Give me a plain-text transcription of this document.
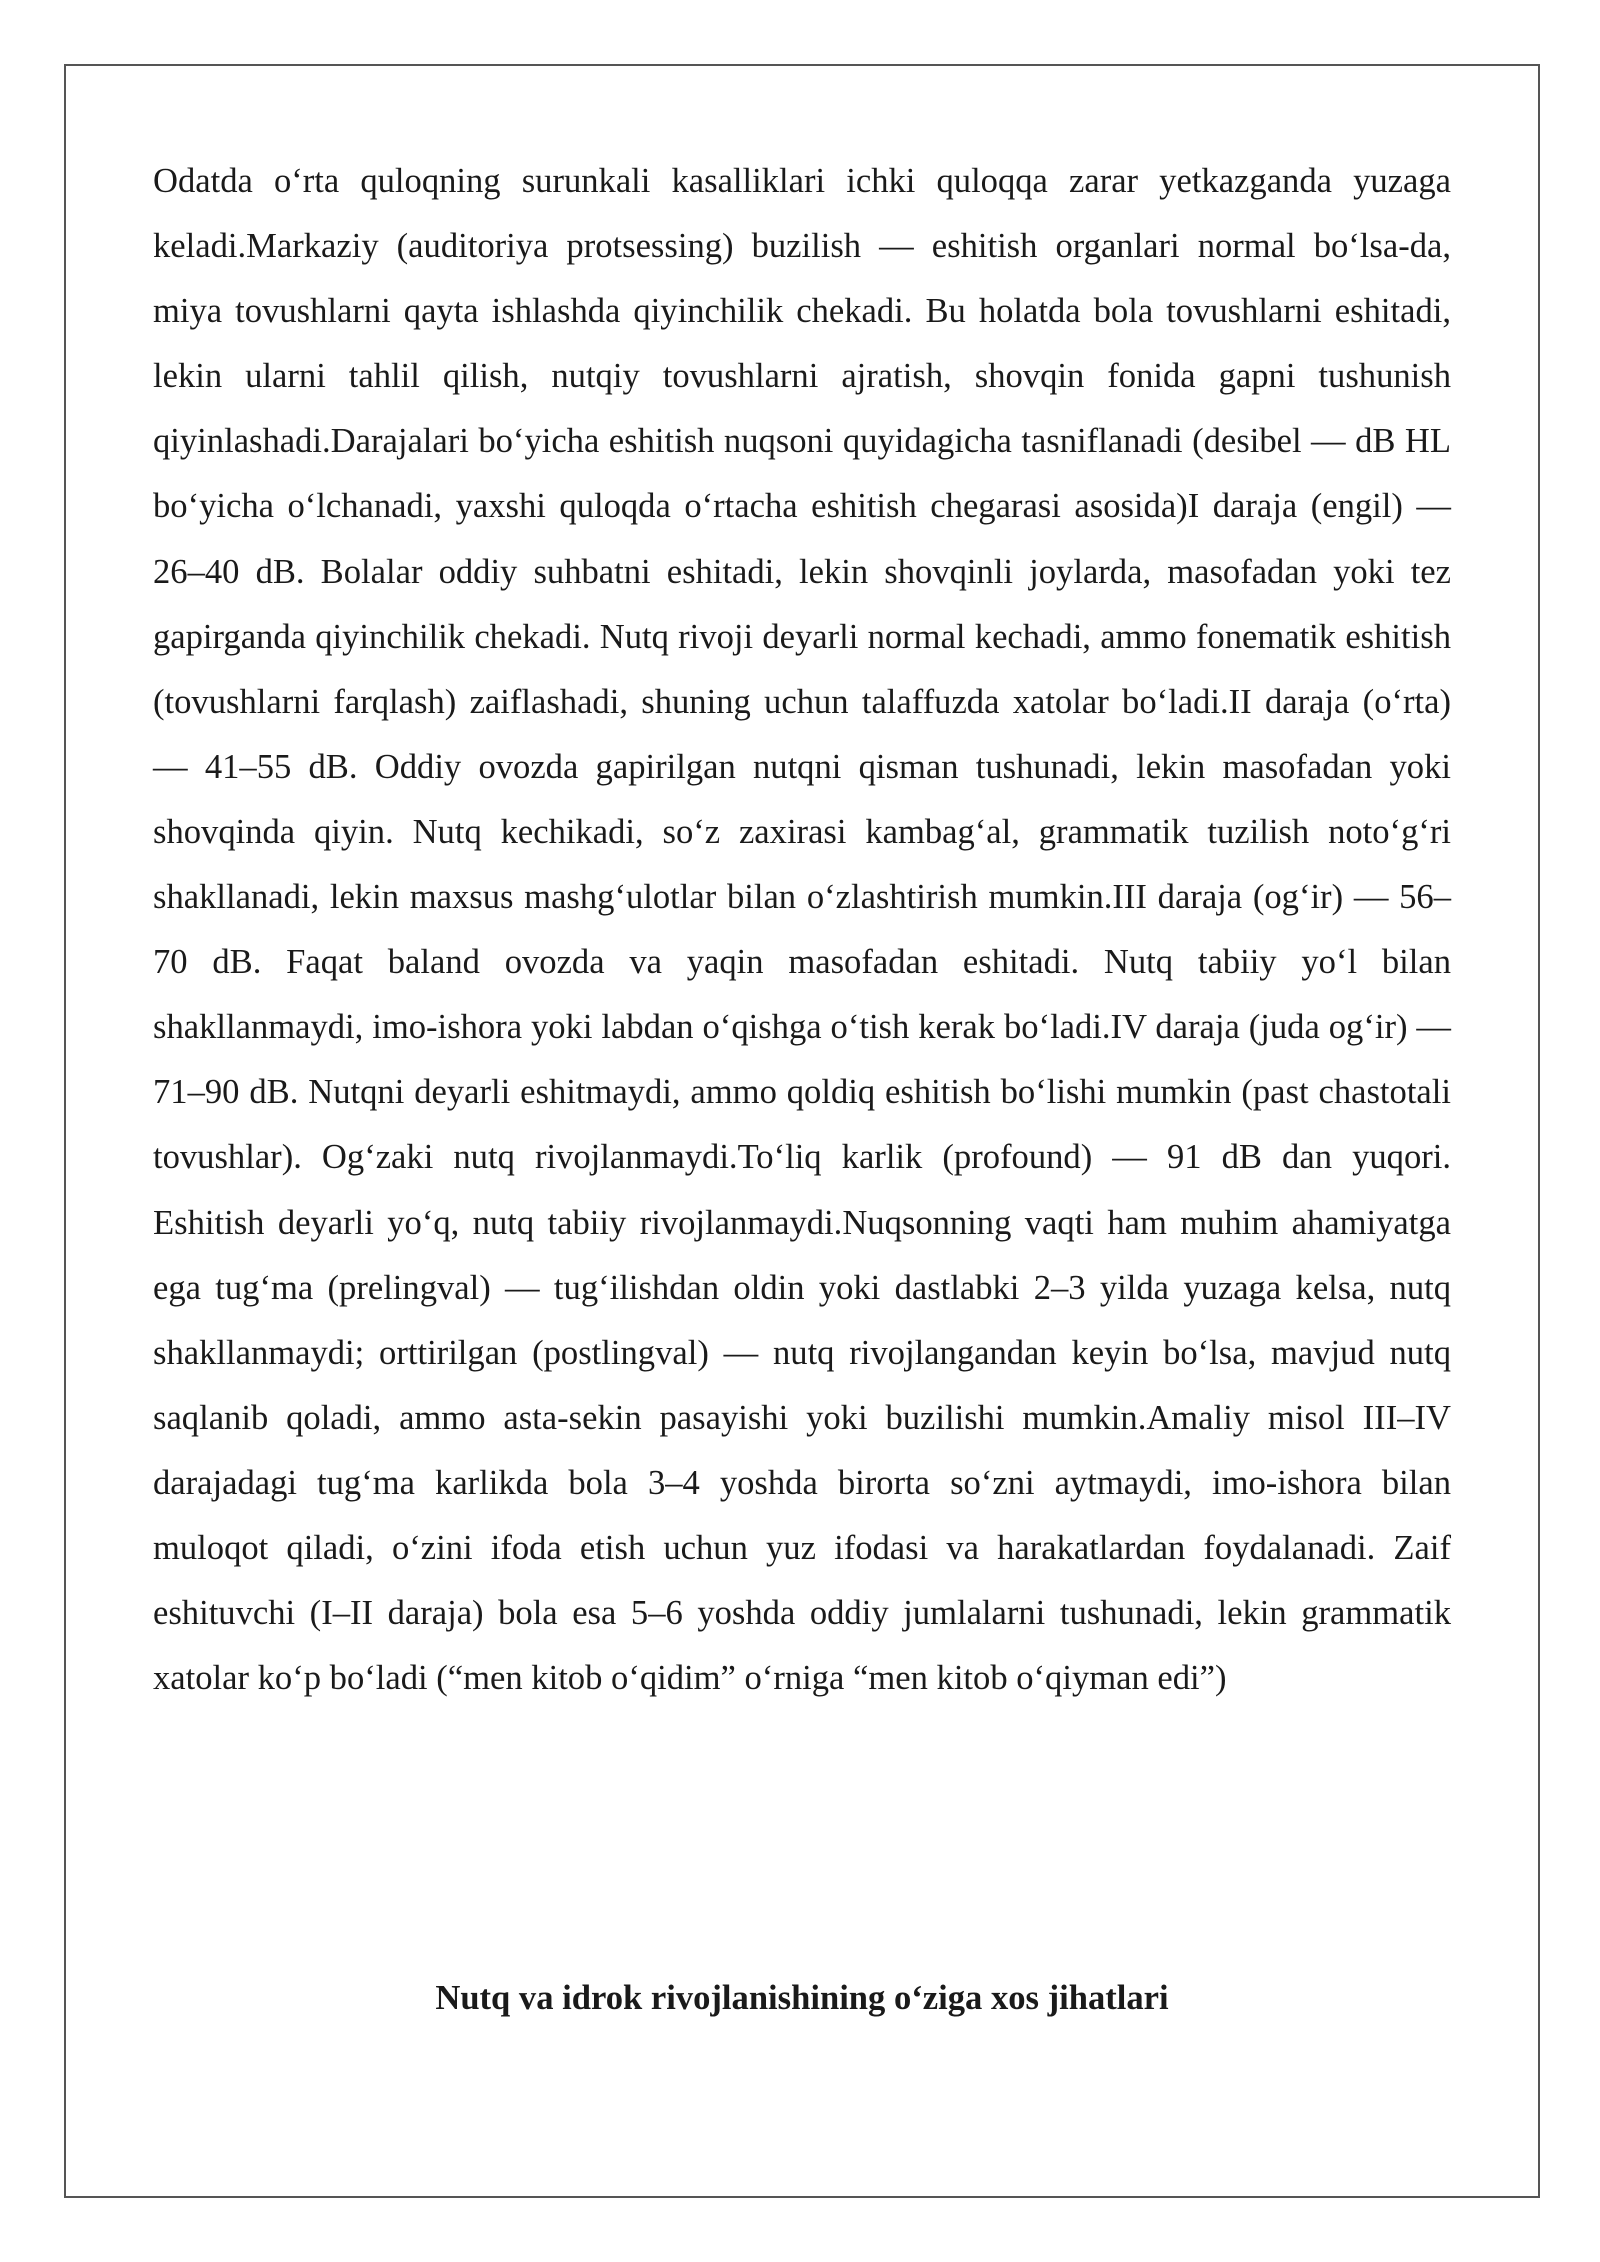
Odatda o‘rta quloqning surunkali kasalliklari ichki quloqqa zarar yetkazganda yuzaga keladi.Markaziy (auditoriya protsessing) buzilish — eshitish organlari normal bo‘lsa-da, miya tovushlarni qayta ishlashda qiyinchilik chekadi. Bu holatda bola tovushlarni eshitadi, lekin ularni tahlil qilish, nutqiy tovushlarni ajratish, shovqin fonida gapni tushunish qiyinlashadi.Darajalari bo‘yicha eshitish nuqsoni quyidagicha tasniflanadi (desibel — dB HL bo‘yicha o‘lchanadi, yaxshi quloqda o‘rtacha eshitish chegarasi asosida)I daraja (engil) — 26–40 dB. Bolalar oddiy suhbatni eshitadi, lekin shovqinli joylarda, masofadan yoki tez gapirganda qiyinchilik chekadi. Nutq rivoji deyarli normal kechadi, ammo fonematik eshitish (tovushlarni farqlash) zaiflashadi, shuning uchun talaffuzda xatolar bo‘ladi.II daraja (o‘rta) — 41–55 dB. Oddiy ovozda gapirilgan nutqni qisman tushunadi, lekin masofadan yoki shovqinda qiyin. Nutq kechikadi, so‘z zaxirasi kambag‘al, grammatik tuzilish noto‘g‘ri shakllanadi, lekin maxsus mashg‘ulotlar bilan o‘zlashtirish mumkin.III daraja (og‘ir) — 56–70 dB. Faqat baland ovozda va yaqin masofadan eshitadi. Nutq tabiiy yo‘l bilan shakllanmaydi, imo-ishora yoki labdan o‘qishga o‘tish kerak bo‘ladi.IV daraja (juda og‘ir) — 71–90 dB. Nutqni deyarli eshitmaydi, ammo qoldiq eshitish bo‘lishi mumkin (past chastotali tovushlar). Og‘zaki nutq rivojlanmaydi.To‘liq karlik (profound) — 91 dB dan yuqori. Eshitish deyarli yo‘q, nutq tabiiy rivojlanmaydi.Nuqsonning vaqti ham muhim ahamiyatga ega tug‘ma (prelingval) — tug‘ilishdan oldin yoki dastlabki 2–3 yilda yuzaga kelsa, nutq shakllanmaydi; orttirilgan (postlingval) — nutq rivojlangandan keyin bo‘lsa, mavjud nutq saqlanib qoladi, ammo asta-sekin pasayishi yoki buzilishi mumkin.Amaliy misol III–IV darajadagi tug‘ma karlikda bola 3–4 yoshda birorta so‘zni aytmaydi, imo-ishora bilan muloqot qiladi, o‘zini ifoda etish uchun yuz ifodasi va harakatlardan foydalanadi. Zaif eshituvchi (I–II daraja) bola esa 5–6 yoshda oddiy jumlalarni tushunadi, lekin grammatik xatolar ko‘p bo‘ladi (“men kitob o‘qidim” o‘rniga “men kitob o‘qiyman edi”)

Nutq va idrok rivojlanishining o‘ziga xos jihatlari
